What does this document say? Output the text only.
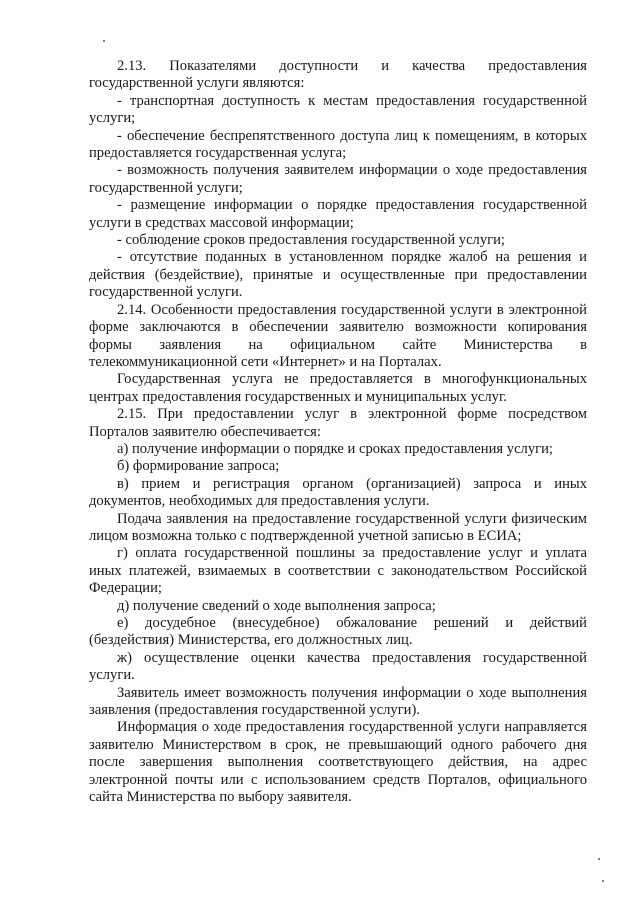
2.13. Показателями доступности и качества предоставления государственной услуги являются:

- транспортная доступность к местам предоставления государственной услуги;

- обеспечение беспрепятственного доступа лиц к помещениям, в которых предоставляется государственная услуга;

- возможность получения заявителем информации о ходе предоставления государственной услуги;

- размещение информации о порядке предоставления государственной услуги в средствах массовой информации;

- соблюдение сроков предоставления государственной услуги;

- отсутствие поданных в установленном порядке жалоб на решения и действия (бездействие), принятые и осуществленные при предоставлении государственной услуги.

2.14. Особенности предоставления государственной услуги в электронной форме заключаются в обеспечении заявителю возможности копирования формы заявления на официальном сайте Министерства в телекоммуникационной сети «Интернет» и на Порталах.

Государственная услуга не предоставляется в многофункциональных центрах предоставления государственных и муниципальных услуг.

2.15. При предоставлении услуг в электронной форме посредством Порталов заявителю обеспечивается:

а) получение информации о порядке и сроках предоставления услуги;

б) формирование запроса;

в) прием и регистрация органом (организацией) запроса и иных документов, необходимых для предоставления услуги.

Подача заявления на предоставление государственной услуги физическим лицом возможна только с подтвержденной учетной записью в ЕСИА;

г) оплата государственной пошлины за предоставление услуг и уплата иных платежей, взимаемых в соответствии с законодательством Российской Федерации;

д) получение сведений о ходе выполнения запроса;

е) досудебное (внесудебное) обжалование решений и действий (бездействия) Министерства, его должностных лиц.

ж) осуществление оценки качества предоставления государственной услуги.

Заявитель имеет возможность получения информации о ходе выполнения заявления (предоставления государственной услуги).

Информация о ходе предоставления государственной услуги направляется заявителю Министерством в срок, не превышающий одного рабочего дня после завершения выполнения соответствующего действия, на адрес электронной почты или с использованием средств Порталов, официального сайта Министерства по выбору заявителя.
